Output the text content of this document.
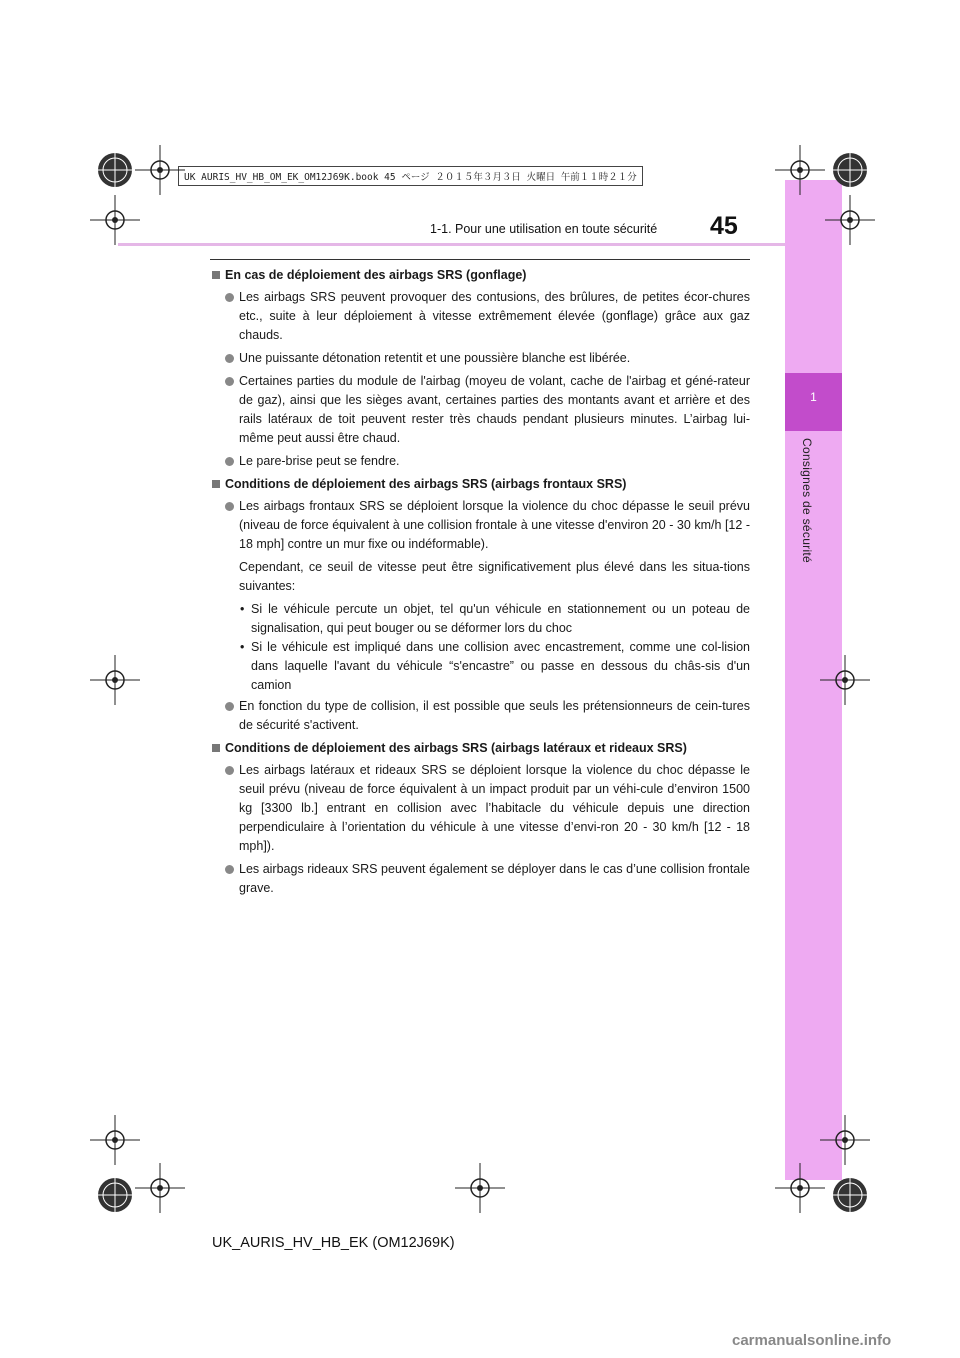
1
Consignes de sécurité
1-1. Pour une utilisation en toute sécurité 45
UK AURIS_HV_HB_OM_EK_OM12J69K.book 45 ページ ２０１５年３月３日 火曜日 午前１１時２１分
En cas de déploiement des airbags SRS (gonflage)
Les airbags SRS peuvent provoquer des contusions, des brûlures, de petites écor-chures etc., suite à leur déploiement à vitesse extrêmement élevée (gonflage) grâce aux gaz chauds.
Une puissante détonation retentit et une poussière blanche est libérée.
Certaines parties du module de l'airbag (moyeu de volant, cache de l'airbag et géné-rateur de gaz), ainsi que les sièges avant, certaines parties des montants avant et arrière et des rails latéraux de toit peuvent rester très chauds pendant plusieurs minutes. L’airbag lui-même peut aussi être chaud.
Le pare-brise peut se fendre.
Conditions de déploiement des airbags SRS (airbags frontaux SRS)
Les airbags frontaux SRS se déploient lorsque la violence du choc dépasse le seuil prévu (niveau de force équivalent à une collision frontale à une vitesse d'environ 20 - 30 km/h [12 - 18 mph] contre un mur fixe ou indéformable).
Cependant, ce seuil de vitesse peut être significativement plus élevé dans les situa-tions suivantes:
• Si le véhicule percute un objet, tel qu'un véhicule en stationnement ou un poteau de signalisation, qui peut bouger ou se déformer lors du choc
• Si le véhicule est impliqué dans une collision avec encastrement, comme une col-lision dans laquelle l'avant du véhicule “s'encastre” ou passe en dessous du châs-sis d'un camion
En fonction du type de collision, il est possible que seuls les prétensionneurs de cein-tures de sécurité s'activent.
Conditions de déploiement des airbags SRS (airbags latéraux et rideaux SRS)
Les airbags latéraux et rideaux SRS se déploient lorsque la violence du choc dépasse le seuil prévu (niveau de force équivalent à un impact produit par un véhi-cule d’environ 1500 kg [3300 lb.] entrant en collision avec l’habitacle du véhicule depuis une direction perpendiculaire à l’orientation du véhicule à une vitesse d’envi-ron 20 - 30 km/h [12 - 18 mph]).
Les airbags rideaux SRS peuvent également se déployer dans le cas d’une collision frontale grave.
UK_AURIS_HV_HB_EK (OM12J69K)
carmanualsonline.info
